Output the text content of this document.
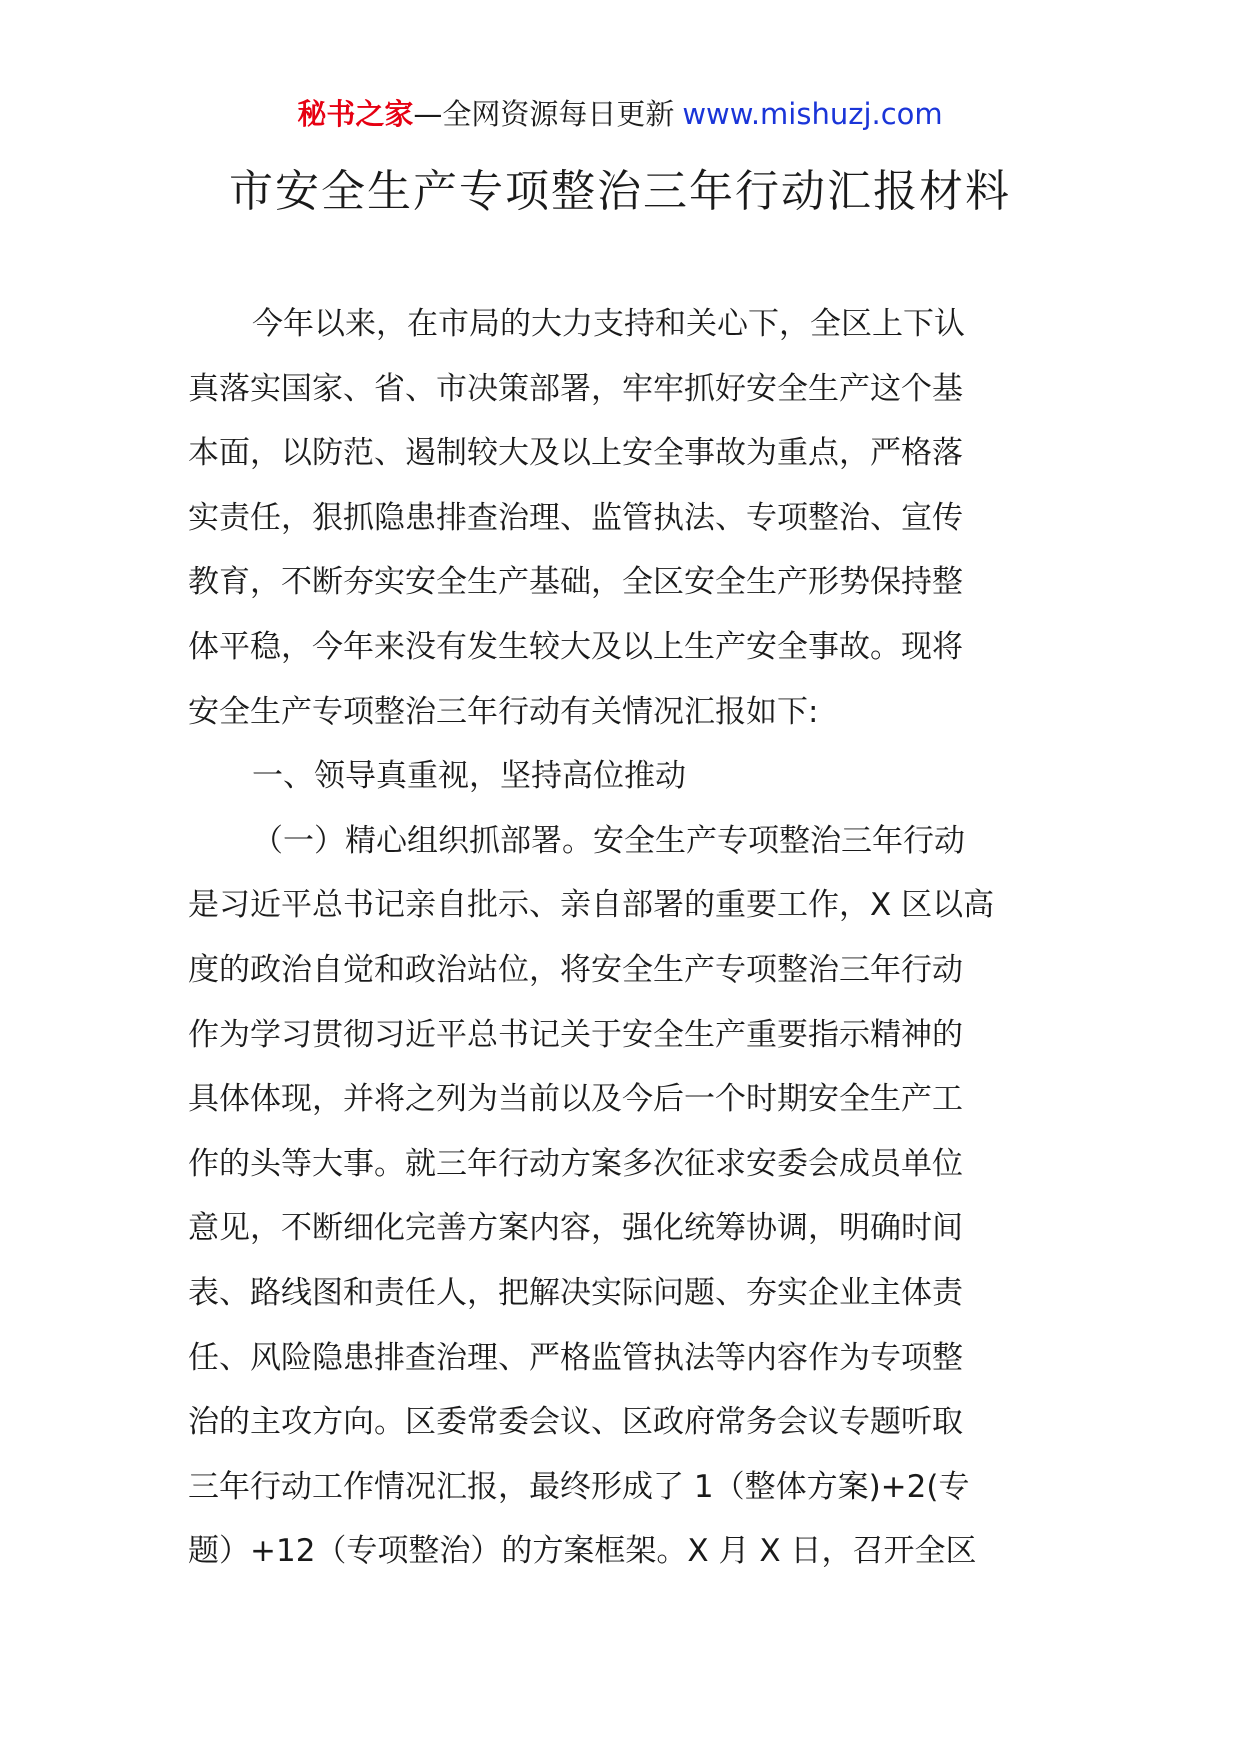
秘书之家—全网资源每日更新 www.mishuzj.com
市安全生产专项整治三年行动汇报材料
今年以来，在市局的大力支持和关心下，全区上下认
真落实国家、省、市决策部署，牢牢抓好安全生产这个基
本面，以防范、遏制较大及以上安全事故为重点，严格落
实责任，狠抓隐患排查治理、监管执法、专项整治、宣传
教育，不断夯实安全生产基础，全区安全生产形势保持整
体平稳，今年来没有发生较大及以上生产安全事故。现将
安全生产专项整治三年行动有关情况汇报如下:
一、领导真重视，坚持高位推动
（一）精心组织抓部署。安全生产专项整治三年行动
是习近平总书记亲自批示、亲自部署的重要工作，X 区以高
度的政治自觉和政治站位，将安全生产专项整治三年行动
作为学习贯彻习近平总书记关于安全生产重要指示精神的
具体体现，并将之列为当前以及今后一个时期安全生产工
作的头等大事。就三年行动方案多次征求安委会成员单位
意见，不断细化完善方案内容，强化统筹协调，明确时间
表、路线图和责任人，把解决实际问题、夯实企业主体责
任、风险隐患排查治理、严格监管执法等内容作为专项整
治的主攻方向。区委常委会议、区政府常务会议专题听取
三年行动工作情况汇报，最终形成了 1（整体方案)+2(专
题）+12（专项整治）的方案框架。X 月 X 日，召开全区
